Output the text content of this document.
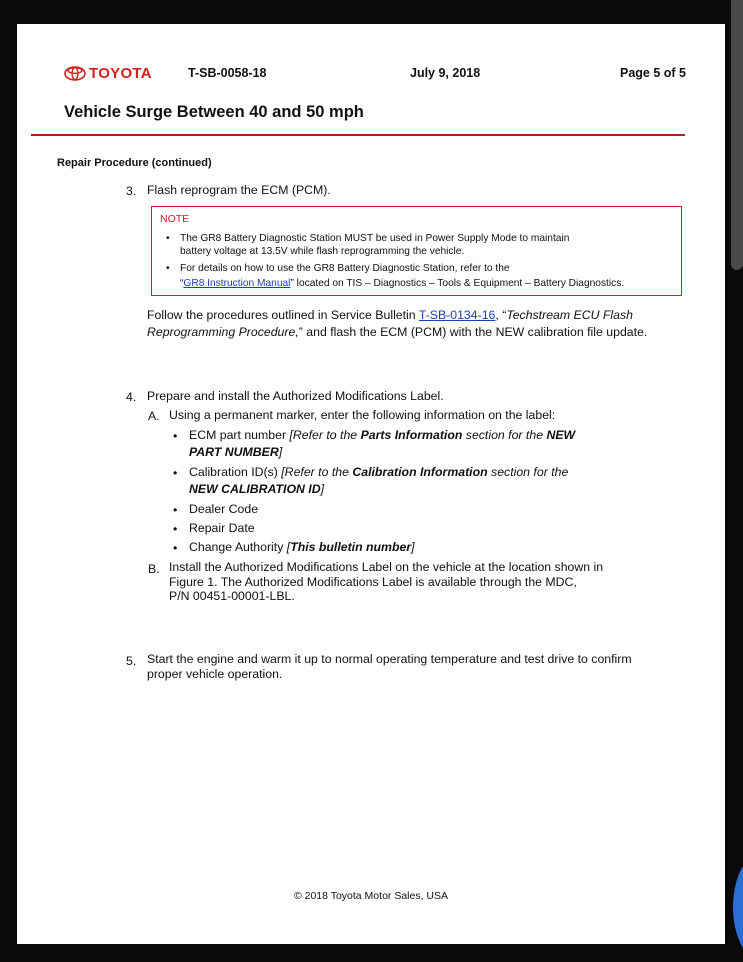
TOYOTA	T-SB-0058-18	July 9, 2018	Page 5 of 5
Vehicle Surge Between 40 and 50 mph
Repair Procedure (continued)
3. Flash reprogram the ECM (PCM).
NOTE
• The GR8 Battery Diagnostic Station MUST be used in Power Supply Mode to maintain
battery voltage at 13.5V while flash reprogramming the vehicle.
• For details on how to use the GR8 Battery Diagnostic Station, refer to the
“GR8 Instruction Manual” located on TIS – Diagnostics – Tools & Equipment – Battery Diagnostics.
Follow the procedures outlined in Service Bulletin T-SB-0134-16, “Techstream ECU Flash
Reprogramming Procedure,” and flash the ECM (PCM) with the NEW calibration file update.
4. Prepare and install the Authorized Modifications Label.
A. Using a permanent marker, enter the following information on the label:
• ECM part number [Refer to the Parts Information section for the NEW
PART NUMBER]
• Calibration ID(s) [Refer to the Calibration Information section for the
NEW CALIBRATION ID]
• Dealer Code
• Repair Date
• Change Authority [This bulletin number]
B. Install the Authorized Modifications Label on the vehicle at the location shown in
Figure 1. The Authorized Modifications Label is available through the MDC,
P/N 00451-00001-LBL.
5. Start the engine and warm it up to normal operating temperature and test drive to confirm
proper vehicle operation.
© 2018 Toyota Motor Sales, USA
